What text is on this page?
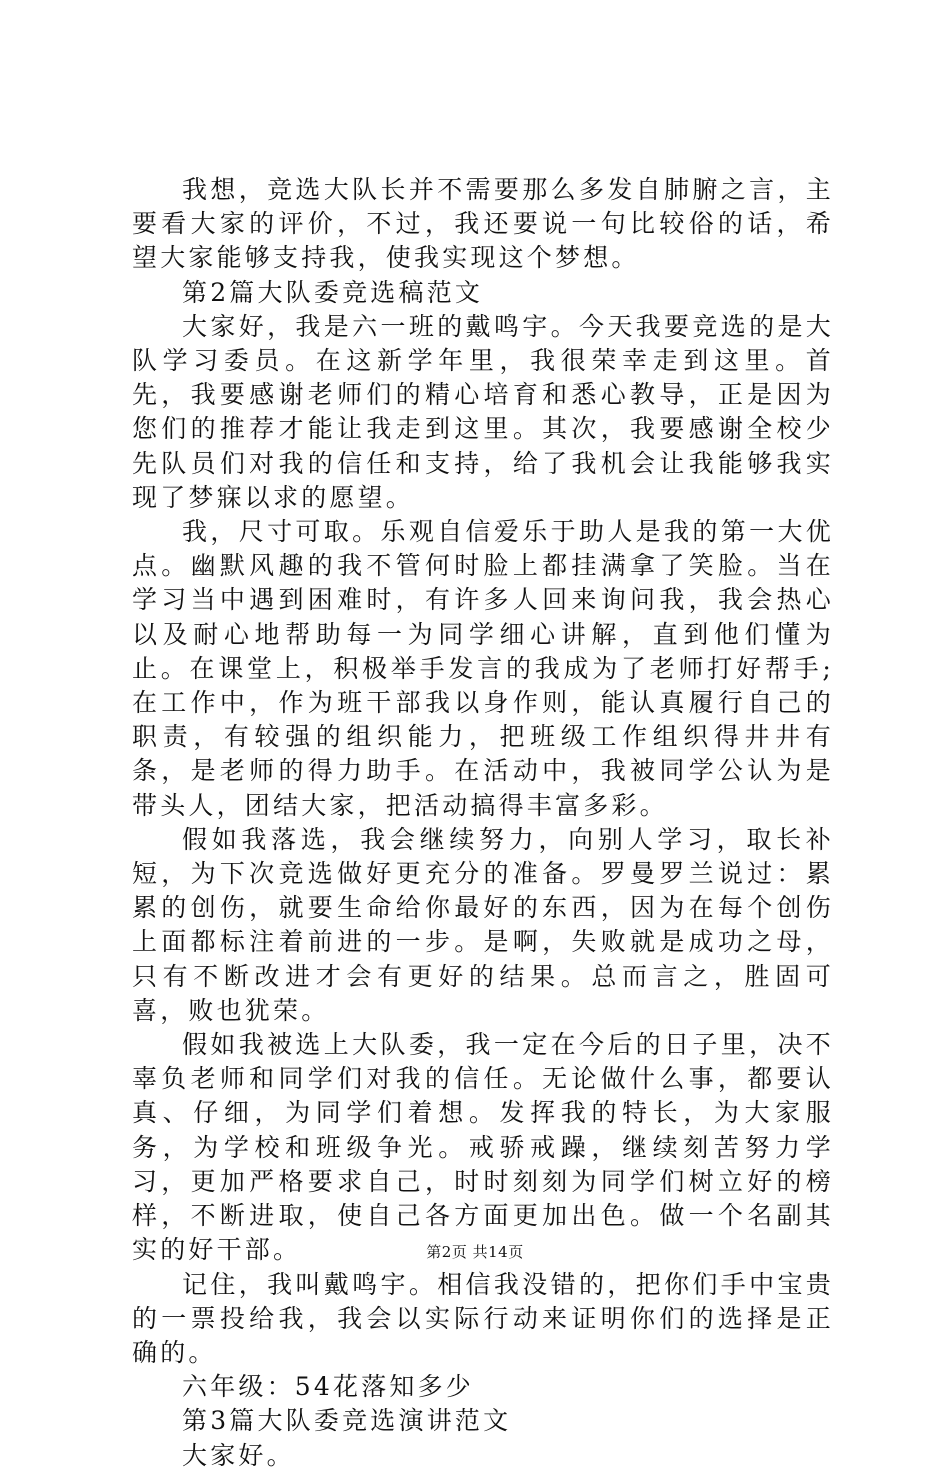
我想，竞选大队长并不需要那么多发自肺腑之言，主要看大家的评价，不过，我还要说一句比较俗的话，希望大家能够支持我，使我实现这个梦想。

第2篇大队委竞选稿范文

大家好，我是六一班的戴鸣宇。今天我要竞选的是大队学习委员。在这新学年里，我很荣幸走到这里。首先，我要感谢老师们的精心培育和悉心教导，正是因为您们的推荐才能让我走到这里。其次，我要感谢全校少先队员们对我的信任和支持，给了我机会让我能够我实现了梦寐以求的愿望。

我，尺寸可取。乐观自信爱乐于助人是我的第一大优点。幽默风趣的我不管何时脸上都挂满拿了笑脸。当在学习当中遇到困难时，有许多人回来询问我，我会热心以及耐心地帮助每一为同学细心讲解，直到他们懂为止。在课堂上，积极举手发言的我成为了老师打好帮手;在工作中，作为班干部我以身作则，能认真履行自己的职责，有较强的组织能力，把班级工作组织得井井有条，是老师的得力助手。在活动中，我被同学公认为是带头人，团结大家，把活动搞得丰富多彩。

假如我落选，我会继续努力，向别人学习，取长补短，为下次竞选做好更充分的准备。罗曼罗兰说过：累累的创伤，就要生命给你最好的东西，因为在每个创伤上面都标注着前进的一步。是啊，失败就是成功之母，只有不断改进才会有更好的结果。总而言之，胜固可喜，败也犹荣。

假如我被选上大队委，我一定在今后的日子里，决不辜负老师和同学们对我的信任。无论做什么事，都要认真、仔细，为同学们着想。发挥我的特长，为大家服务，为学校和班级争光。戒骄戒躁，继续刻苦努力学习，更加严格要求自己，时时刻刻为同学们树立好的榜样，不断进取，使自己各方面更加出色。做一个名副其实的好干部。

记住，我叫戴鸣宇。相信我没错的，把你们手中宝贵的一票投给我，我会以实际行动来证明你们的选择是正确的。

六年级：54花落知多少

第3篇大队委竞选演讲范文

大家好。

第2页 共14页
